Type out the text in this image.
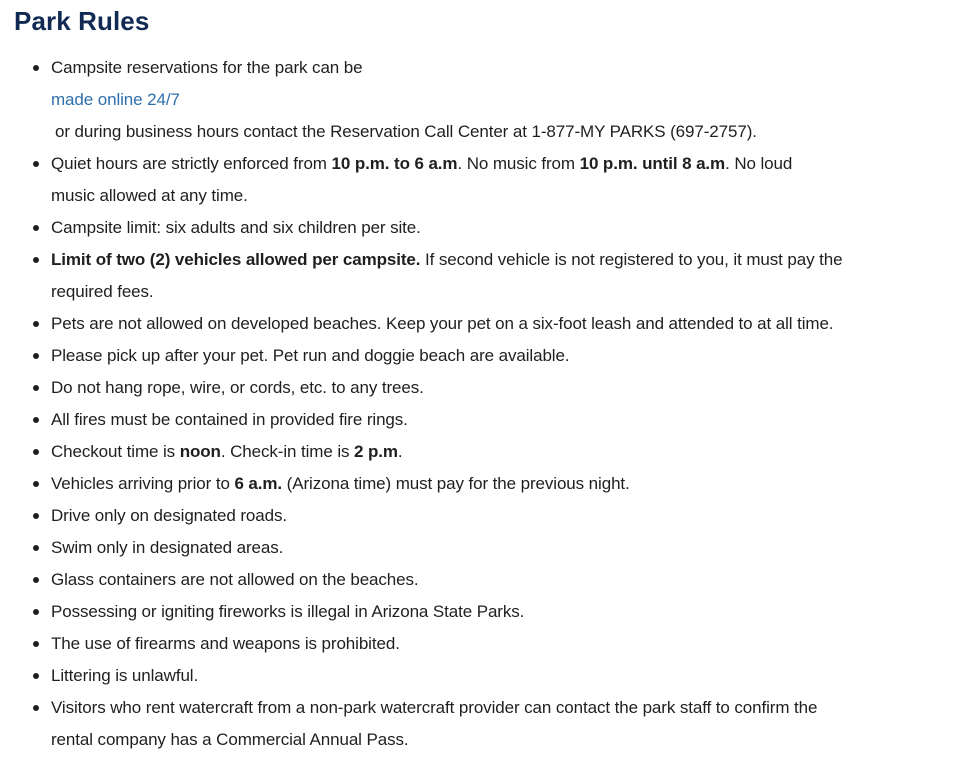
Park Rules
Campsite reservations for the park can be
made online 24/7
or during business hours contact the Reservation Call Center at 1-877-MY PARKS (697-2757).
Quiet hours are strictly enforced from 10 p.m. to 6 a.m. No music from 10 p.m. until 8 a.m. No loud
music allowed at any time.
Campsite limit: six adults and six children per site.
Limit of two (2) vehicles allowed per campsite. If second vehicle is not registered to you, it must pay the
required fees.
Pets are not allowed on developed beaches. Keep your pet on a six-foot leash and attended to at all time.
Please pick up after your pet. Pet run and doggie beach are available.
Do not hang rope, wire, or cords, etc. to any trees.
All fires must be contained in provided fire rings.
Checkout time is noon. Check-in time is 2 p.m.
Vehicles arriving prior to 6 a.m. (Arizona time) must pay for the previous night.
Drive only on designated roads.
Swim only in designated areas.
Glass containers are not allowed on the beaches.
Possessing or igniting fireworks is illegal in Arizona State Parks.
The use of firearms and weapons is prohibited.
Littering is unlawful.
Visitors who rent watercraft from a non-park watercraft provider can contact the park staff to confirm the
rental company has a Commercial Annual Pass.
